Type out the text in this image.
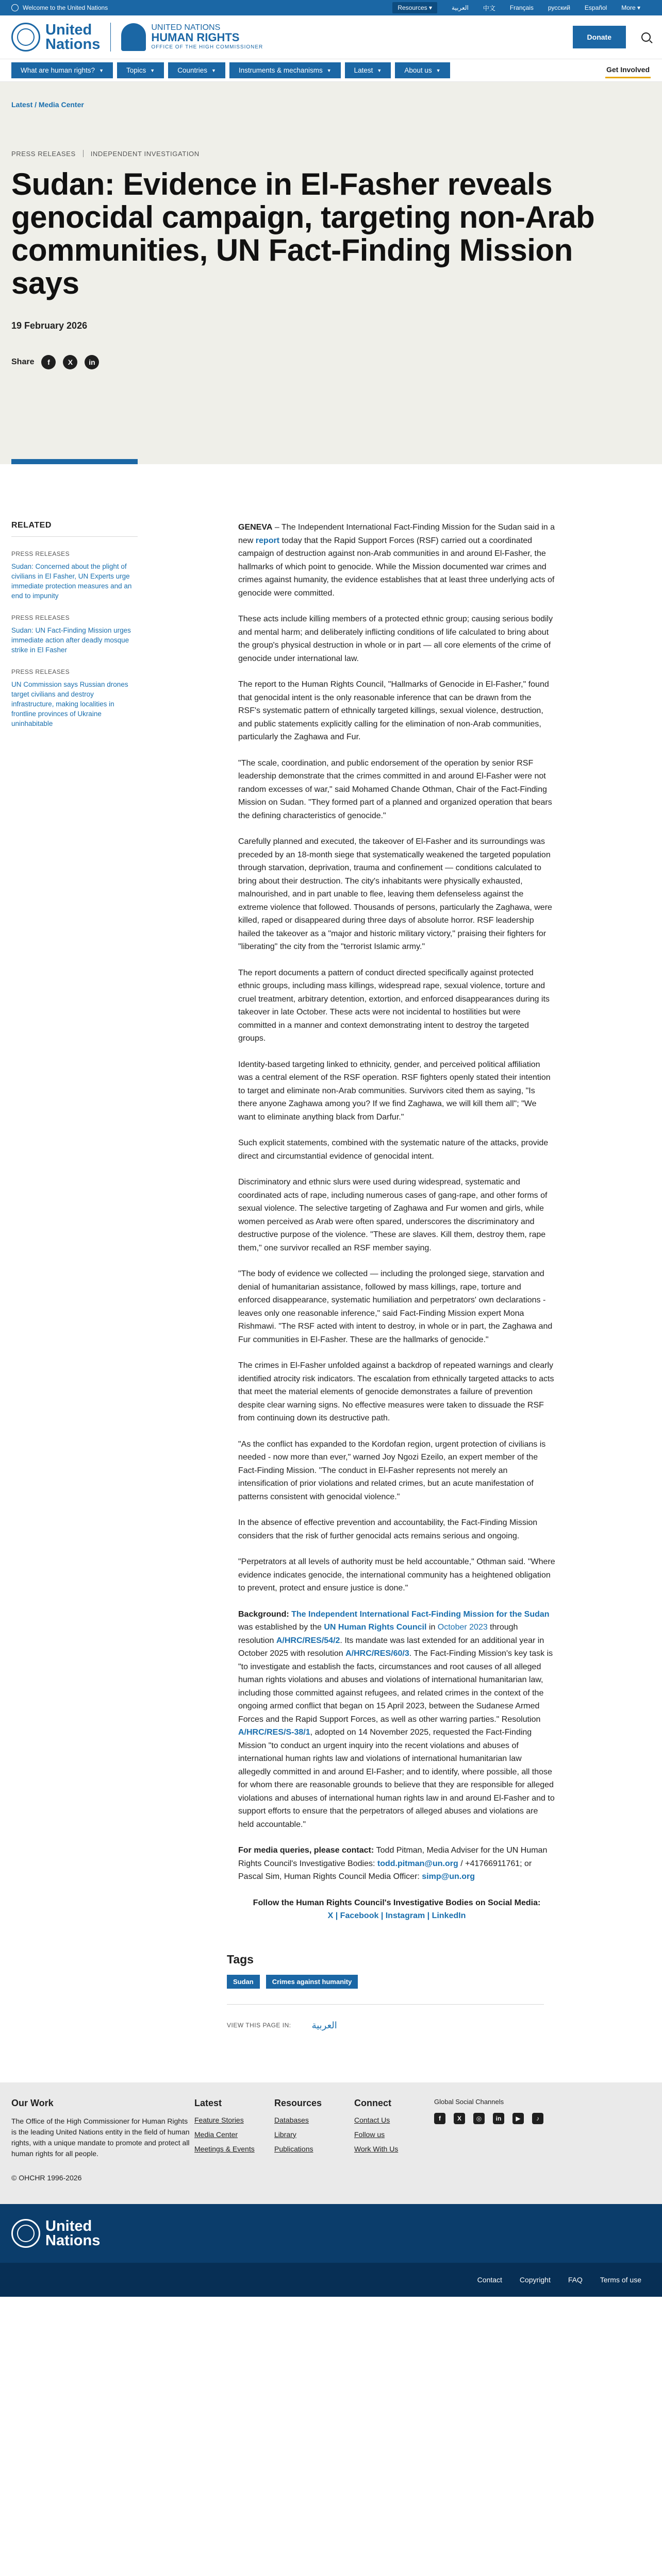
Welcome to the United Nations	Resources ▾	العربية 中文 Français русский Español More ▾
United
Nations
UNITED NATIONS
HUMAN RIGHTS
OFFICE OF THE HIGH COMMISSIONER
Donate
What are human rights? ▼	Topics ▼	Countries ▼	Instruments & mechanisms ▼	Latest ▼	About us ▼	Get Involved
Latest / Media Center
PRESS RELEASES INDEPENDENT INVESTIGATION
Sudan: Evidence in El-Fasher reveals genocidal campaign, targeting non-Arab communities, UN Fact-Finding Mission says
19 February 2026
Share	f	X	in
RELATED
PRESS RELEASES
Sudan: Concerned about the plight of civilians in El Fasher, UN Experts urge immediate protection measures and an end to impunity
PRESS RELEASES
Sudan: UN Fact-Finding Mission urges immediate action after deadly mosque strike in El Fasher
PRESS RELEASES
UN Commission says Russian drones target civilians and destroy infrastructure, making localities in frontline provinces of Ukraine uninhabitable

GENEVA – The Independent International Fact-Finding Mission for the Sudan said in a new report today that the Rapid Support Forces (RSF) carried out a coordinated campaign of destruction against non-Arab communities in and around El-Fasher, the hallmarks of which point to genocide. While the Mission documented war crimes and crimes against humanity, the evidence establishes that at least three underlying acts of genocide were committed.

These acts include killing members of a protected ethnic group; causing serious bodily and mental harm; and deliberately inflicting conditions of life calculated to bring about the group's physical destruction in whole or in part — all core elements of the crime of genocide under international law.

The report to the Human Rights Council, "Hallmarks of Genocide in El-Fasher," found that genocidal intent is the only reasonable inference that can be drawn from the RSF's systematic pattern of ethnically targeted killings, sexual violence, destruction, and public statements explicitly calling for the elimination of non-Arab communities, particularly the Zaghawa and Fur.

"The scale, coordination, and public endorsement of the operation by senior RSF leadership demonstrate that the crimes committed in and around El-Fasher were not random excesses of war," said Mohamed Chande Othman, Chair of the Fact-Finding Mission on Sudan. "They formed part of a planned and organized operation that bears the defining characteristics of genocide."

Carefully planned and executed, the takeover of El-Fasher and its surroundings was preceded by an 18-month siege that systematically weakened the targeted population through starvation, deprivation, trauma and confinement — conditions calculated to bring about their destruction. The city's inhabitants were physically exhausted, malnourished, and in part unable to flee, leaving them defenseless against the extreme violence that followed. Thousands of persons, particularly the Zaghawa, were killed, raped or disappeared during three days of absolute horror. RSF leadership hailed the takeover as a "major and historic military victory," praising their fighters for "liberating" the city from the "terrorist Islamic army."

The report documents a pattern of conduct directed specifically against protected ethnic groups, including mass killings, widespread rape, sexual violence, torture and cruel treatment, arbitrary detention, extortion, and enforced disappearances during its takeover in late October. These acts were not incidental to hostilities but were committed in a manner and context demonstrating intent to destroy the targeted groups.

Identity-based targeting linked to ethnicity, gender, and perceived political affiliation was a central element of the RSF operation. RSF fighters openly stated their intention to target and eliminate non-Arab communities. Survivors cited them as saying, "Is there anyone Zaghawa among you? If we find Zaghawa, we will kill them all"; "We want to eliminate anything black from Darfur."

Such explicit statements, combined with the systematic nature of the attacks, provide direct and circumstantial evidence of genocidal intent.

Discriminatory and ethnic slurs were used during widespread, systematic and coordinated acts of rape, including numerous cases of gang-rape, and other forms of sexual violence. The selective targeting of Zaghawa and Fur women and girls, while women perceived as Arab were often spared, underscores the discriminatory and destructive purpose of the violence. "These are slaves. Kill them, destroy them, rape them," one survivor recalled an RSF member saying.

"The body of evidence we collected — including the prolonged siege, starvation and denial of humanitarian assistance, followed by mass killings, rape, torture and enforced disappearance, systematic humiliation and perpetrators' own declarations - leaves only one reasonable inference," said Fact-Finding Mission expert Mona Rishmawi. "The RSF acted with intent to destroy, in whole or in part, the Zaghawa and Fur communities in El-Fasher. These are the hallmarks of genocide."

The crimes in El-Fasher unfolded against a backdrop of repeated warnings and clearly identified atrocity risk indicators. The escalation from ethnically targeted attacks to acts that meet the material elements of genocide demonstrates a failure of prevention despite clear warning signs. No effective measures were taken to dissuade the RSF from continuing down its destructive path.

"As the conflict has expanded to the Kordofan region, urgent protection of civilians is needed - now more than ever," warned Joy Ngozi Ezeilo, an expert member of the Fact-Finding Mission. "The conduct in El-Fasher represents not merely an intensification of prior violations and related crimes, but an acute manifestation of patterns consistent with genocidal violence."

In the absence of effective prevention and accountability, the Fact-Finding Mission considers that the risk of further genocidal acts remains serious and ongoing.

"Perpetrators at all levels of authority must be held accountable," Othman said. "Where evidence indicates genocide, the international community has a heightened obligation to prevent, protect and ensure justice is done."

Background: The Independent International Fact-Finding Mission for the Sudan was established by the UN Human Rights Council in October 2023 through resolution A/HRC/RES/54/2. Its mandate was last extended for an additional year in October 2025 with resolution A/HRC/RES/60/3. The Fact-Finding Mission's key task is "to investigate and establish the facts, circumstances and root causes of all alleged human rights violations and abuses and violations of international humanitarian law, including those committed against refugees, and related crimes in the context of the ongoing armed conflict that began on 15 April 2023, between the Sudanese Armed Forces and the Rapid Support Forces, as well as other warring parties." Resolution A/HRC/RES/S-38/1, adopted on 14 November 2025, requested the Fact-Finding Mission "to conduct an urgent inquiry into the recent violations and abuses of international human rights law and violations of international humanitarian law allegedly committed in and around El-Fasher; and to identify, where possible, all those for whom there are reasonable grounds to believe that they are responsible for alleged violations and abuses of international human rights law in and around El-Fasher and to support efforts to ensure that the perpetrators of alleged abuses and violations are held accountable."

For media queries, please contact: Todd Pitman, Media Adviser for the UN Human Rights Council's Investigative Bodies: todd.pitman@un.org / +41766911761; or Pascal Sim, Human Rights Council Media Officer: simp@un.org

Follow the Human Rights Council's Investigative Bodies on Social Media:
X | Facebook | Instagram | LinkedIn
Tags
Sudan	Crimes against humanity
VIEW THIS PAGE IN: العربية
Our Work

The Office of the High Commissioner for Human Rights is the leading United Nations entity in the field of human rights, with a unique mandate to promote and protect all human rights for all people.

© OHCHR 1996-2026

Latest
Feature Stories
Media Center
Meetings & Events
Resources
Databases
Library
Publications
Connect
Contact Us
Follow us
Work With Us
Global Social Channels
f	X	◎	in	▶	♪
United
Nations
Contact Copyright FAQ Terms of use
